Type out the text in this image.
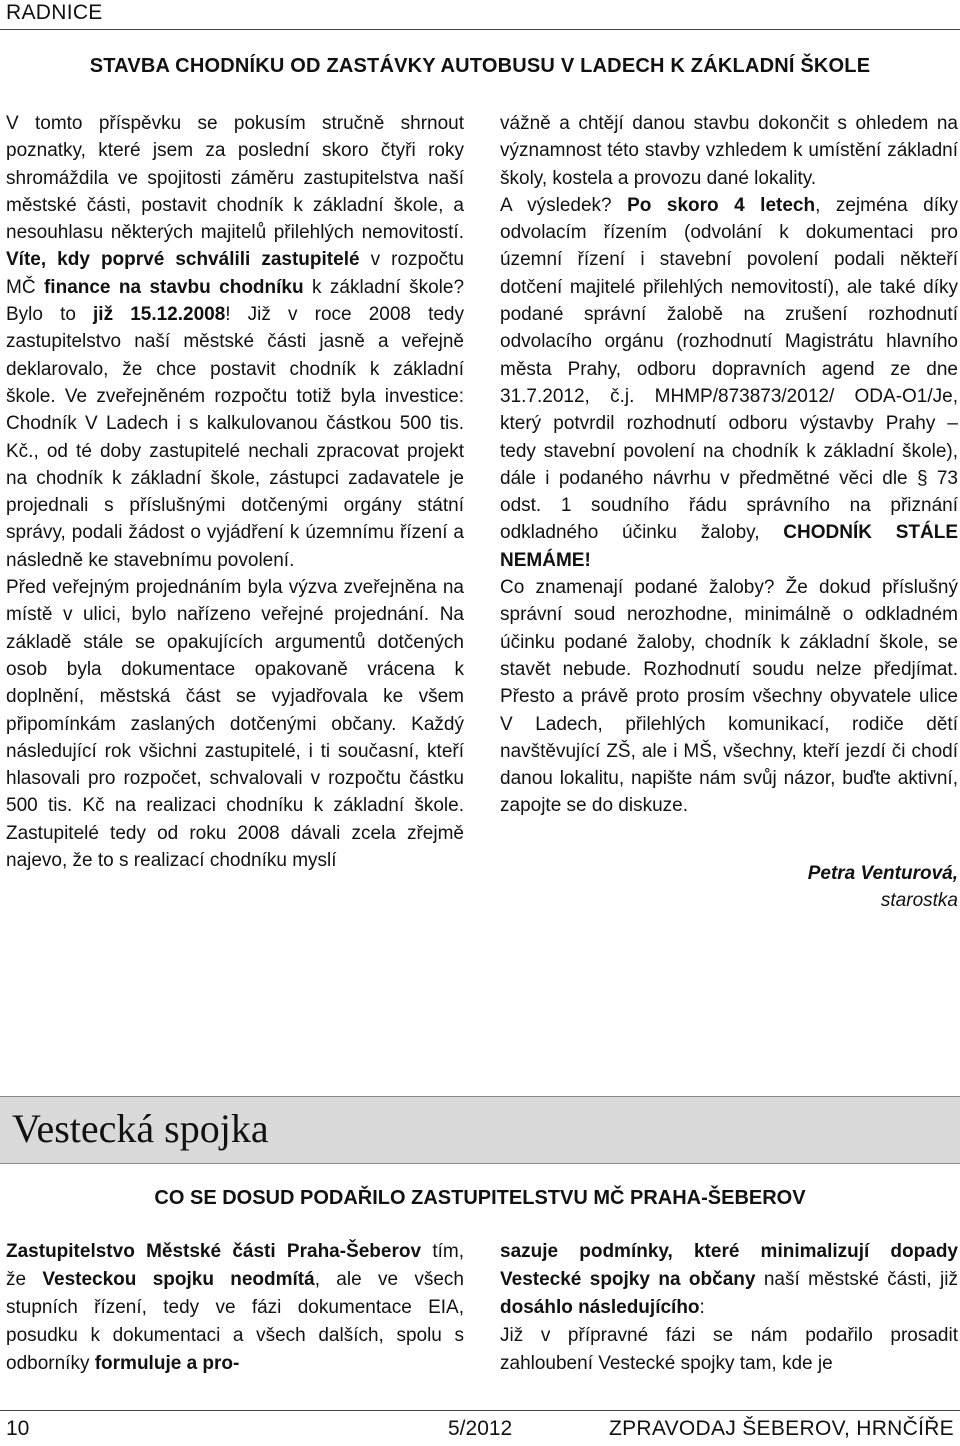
RADNICE
STAVBA CHODNÍKU OD ZASTÁVKY AUTOBUSU V LADECH K ZÁKLADNÍ ŠKOLE

V tomto příspěvku se pokusím stručně shrnout poznatky, které jsem za poslední skoro čtyři roky shromáždila ve spojitosti záměru zastupitelstva naší městské části, postavit chodník k základní škole, a nesouhlasu některých majitelů přilehlých nemovitostí. Víte, kdy poprvé schválili zastupitelé v rozpočtu MČ finance na stavbu chodníku k základní škole? Bylo to již 15.12.2008! Již v roce 2008 tedy zastupitelstvo naší městské části jasně a veřejně deklarovalo, že chce postavit chodník k základní škole. Ve zveřejněném rozpočtu totiž byla investice: Chodník V Ladech i s kalkulovanou částkou 500 tis. Kč., od té doby zastupitelé nechali zpracovat projekt na chodník k základní škole, zástupci zadavatele je projednali s příslušnými dotčenými orgány státní správy, podali žádost o vyjádření k územnímu řízení a následně ke stavebnímu povolení.

Před veřejným projednáním byla výzva zveřejněna na místě v ulici, bylo nařízeno veřejné projednání. Na základě stále se opakujících argumentů dotčených osob byla dokumentace opakovaně vrácena k doplnění, městská část se vyjadřovala ke všem připomínkám zaslaných dotčenými občany. Každý následující rok všichni zastupitelé, i ti současní, kteří hlasovali pro rozpočet, schvalovali v rozpočtu částku 500 tis. Kč na realizaci chodníku k základní škole. Zastupitelé tedy od roku 2008 dávali zcela zřejmě najevo, že to s realizací chodníku myslí

vážně a chtějí danou stavbu dokončit s ohledem na významnost této stavby vzhledem k umístění základní školy, kostela a provozu dané lokality.

A výsledek? Po skoro 4 letech, zejména díky odvolacím řízením (odvolání k dokumentaci pro územní řízení i stavební povolení podali někteří dotčení majitelé přilehlých nemovitostí), ale také díky podané správní žalobě na zrušení rozhodnutí odvolacího orgánu (rozhodnutí Magistrátu hlavního města Prahy, odboru dopravních agend ze dne 31.7.2012, č.j. MHMP/873873/2012/ ODA-O1/Je, který potvrdil rozhodnutí odboru výstavby Prahy – tedy stavební povolení na chodník k základní škole), dále i podaného návrhu v předmětné věci dle § 73 odst. 1 soudního řádu správního na přiznání odkladného účinku žaloby, CHODNÍK STÁLE NEMÁME!

Co znamenají podané žaloby? Že dokud příslušný správní soud nerozhodne, minimálně o odkladném účinku podané žaloby, chodník k základní škole, se stavět nebude. Rozhodnutí soudu nelze předjímat. Přesto a právě proto prosím všechny obyvatele ulice V Ladech, přilehlých komunikací, rodiče dětí navštěvující ZŠ, ale i MŠ, všechny, kteří jezdí či chodí danou lokalitu, napište nám svůj názor, buďte aktivní, zapojte se do diskuze.

Petra Venturová,
starostka
Vestecká spojka
CO SE DOSUD PODAŘILO ZASTUPITELSTVU MČ PRAHA-ŠEBEROV

Zastupitelstvo Městské části Praha-Šeberov tím, že Vesteckou spojku neodmítá, ale ve všech stupních řízení, tedy ve fázi dokumentace EIA, posudku k dokumentaci a všech dalších, spolu s odborníky formuluje a pro-

sazuje podmínky, které minimalizují dopady Vestecké spojky na občany naší městské části, již dosáhlo následujícího:

Již v přípravné fázi se nám podařilo prosadit zahloubení Vestecké spojky tam, kde je

10	5/2012	ZPRAVODAJ ŠEBEROV, HRNČÍŘE
